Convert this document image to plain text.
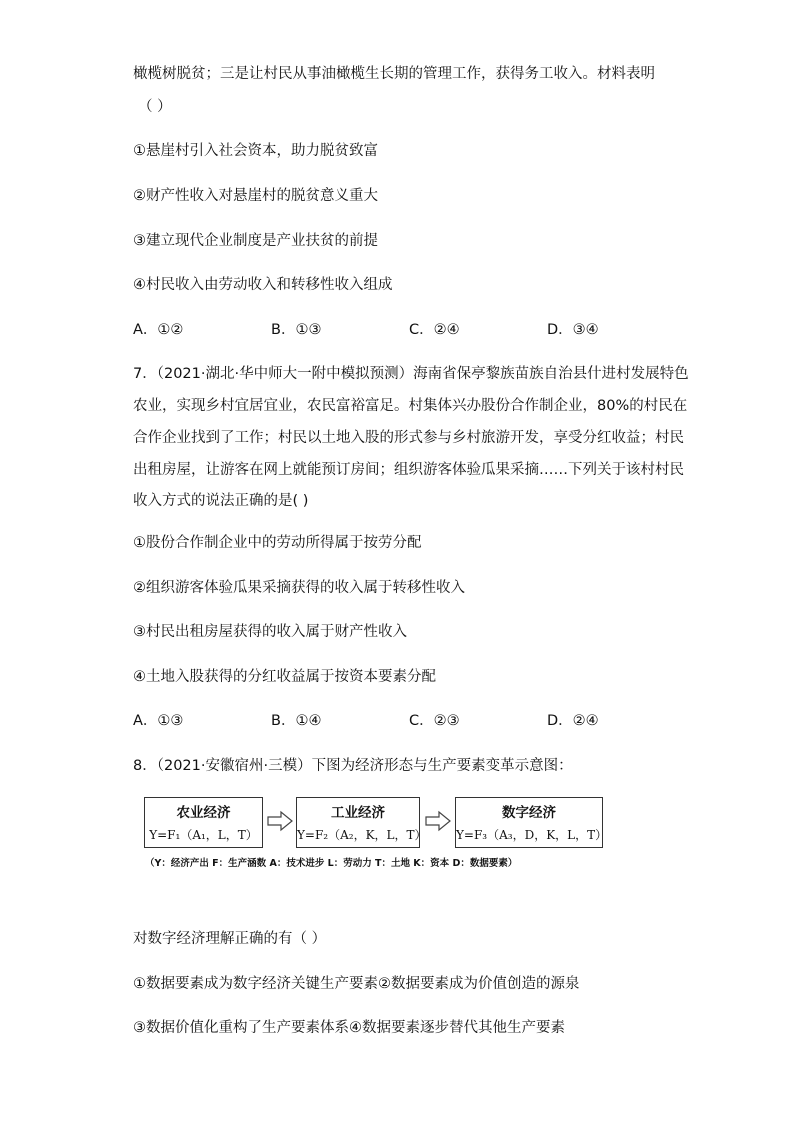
橄榄树脱贫；三是让村民从事油橄榄生长期的管理工作，获得务工收入。材料表明
（ ）
①悬崖村引入社会资本，助力脱贫致富
②财产性收入对悬崖村的脱贫意义重大
③建立现代企业制度是产业扶贫的前提
④村民收入由劳动收入和转移性收入组成
A．①②	B．①③	C．②④	D．③④
7．（2021·湖北·华中师大一附中模拟预测）海南省保亭黎族苗族自治县什进村发展特色
农业，实现乡村宜居宜业，农民富裕富足。村集体兴办股份合作制企业，80%的村民在
合作企业找到了工作；村民以土地入股的形式参与乡村旅游开发，享受分红收益；村民
出租房屋，让游客在网上就能预订房间；组织游客体验瓜果采摘……下列关于该村村民
收入方式的说法正确的是( )
①股份合作制企业中的劳动所得属于按劳分配
②组织游客体验瓜果采摘获得的收入属于转移性收入
③村民出租房屋获得的收入属于财产性收入
④土地入股获得的分红收益属于按资本要素分配
A．①③	B．①④	C．②③	D．②④
8．（2021·安徽宿州·三模）下图为经济形态与生产要素变革示意图：
农业经济
Y=F₁（A₁，L，T）
工业经济
Y=F₂（A₂，K，L，T）
数字经济
Y=F₃（A₃，D，K，L，T）
（Y：经济产出 F：生产涵数 A：技术进步 L：劳动力 T：土地 K：资本 D：数据要素）
对数字经济理解正确的有（ ）
①数据要素成为数字经济关键生产要素②数据要素成为价值创造的源泉
③数据价值化重构了生产要素体系④数据要素逐步替代其他生产要素
